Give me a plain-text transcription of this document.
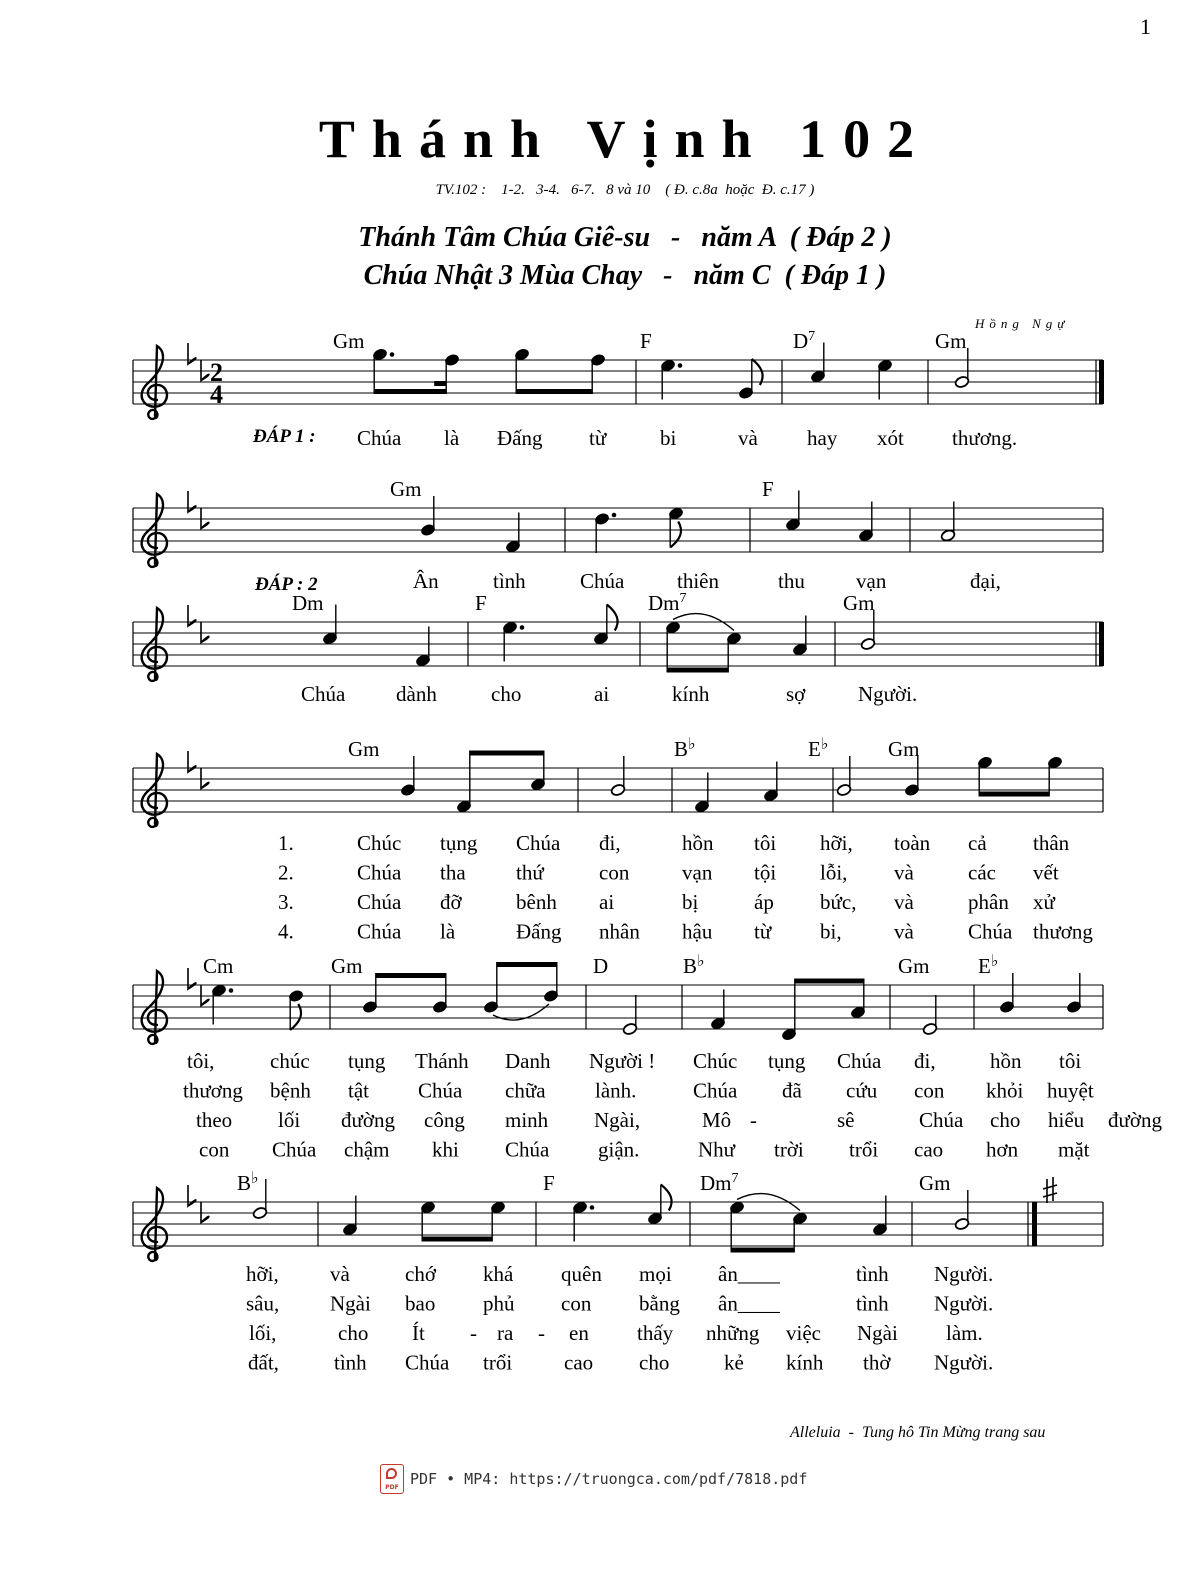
1
Thánh Vịnh 102
TV.102 :    1-2.   3-4.   6-7.   8 và 10    ( Đ. c.8a  hoặc  Đ. c.17 )
Thánh Tâm Chúa Giê-su   -   năm A  ( Đáp 2 )
Chúa Nhật 3 Mùa Chay   -   năm C  ( Đáp 1 )
Hồng Ngự
2
4
Gm	F	$D^7$	Gm
ĐÁP 1 : Chúa là Đấng từ	bi	và hay xót thương.
Gm	F
ĐÁP : 2	Ân	tình	Chúa	thiên	thu vạn	đại,
Dm	F	Dm$^7$	Gm
Chúa dành	cho	ai	kính	sợ	Người.
Gm	B♭	E♭	Gm
1.	Chúc tụng Chúa đi,	hồn tôi hỡi, toàn cả thân
2.	Chúa tha thứ	con	vạn tội lỗi, và	các vết
3.	Chúa đỡ	bênh ai	bị	áp bức, và	phân xử
4.	Chúa là	Đấng nhân hậu từ bi, và	Chúa thương
Cm	Gm	D	B♭	Gm E♭
tôi,	chúc tụng Thánh Danh Người ! Chúc tụng Chúa đi,	hồn tôi
thương bệnh tật Chúa chữa lành.	Chúa đã cứu con khỏi huyệt
theo lối đường công minh Ngài,	Mô -	sê	Chúa cho hiểu đường
con Chúa chậm khi Chúa giận.	Như trời trổi cao hơn mặt
B♭	F	Dm$^7$	Gm
hỡi, và	chớ khá quên mọi ân____	tình Người.
sâu, Ngài bao phủ con bằng ân____	tình Người.
lối,	cho Ít - ra - en thấy những việc Ngài làm.
đất,	tình Chúa trổi cao cho	kẻ kính thờ Người.
Alleluia  -  Tung hô Tin Mừng trang sau
PDF PDF • MP4: https://truongca.com/pdf/7818.pdf
